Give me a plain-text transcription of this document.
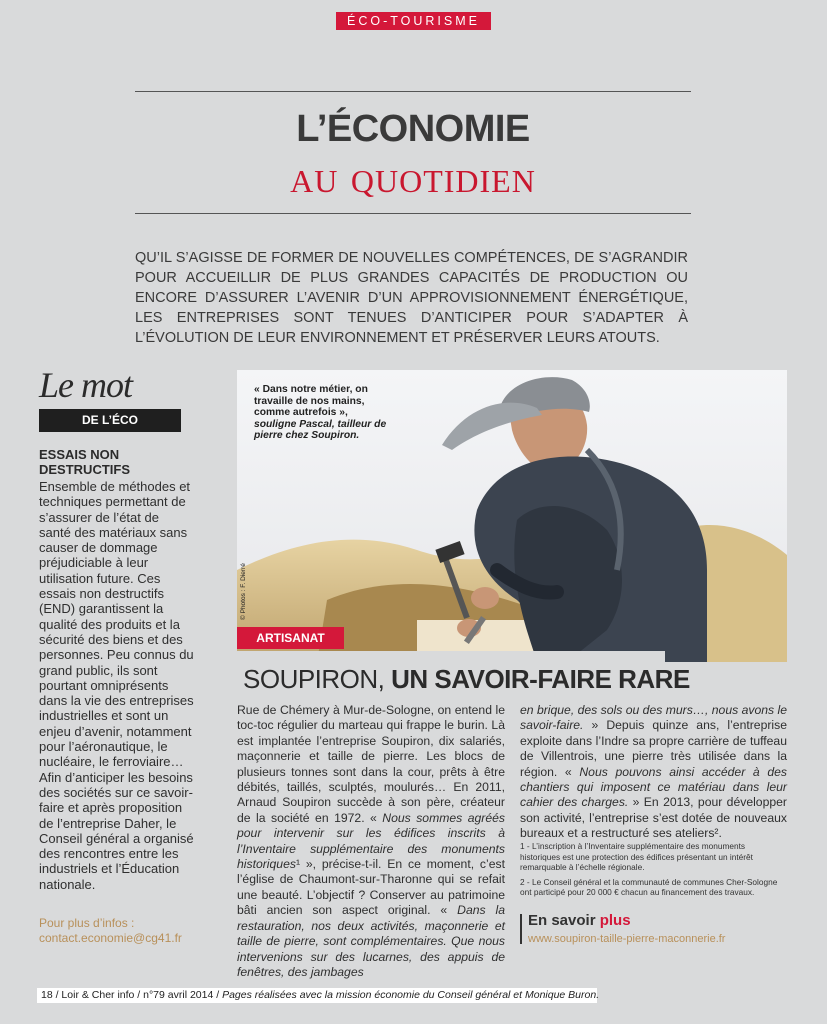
ÉCO-TOURISME
L’ÉCONOMIE
au quotidien
QU’IL S’AGISSE DE FORMER DE NOUVELLES COMPÉTENCES, DE S’AGRANDIR POUR ACCUEILLIR DE PLUS GRANDES CAPACITÉS DE PRODUCTION OU ENCORE D’ASSURER L’AVENIR D’UN APPROVISIONNEMENT ÉNERGÉTIQUE, LES ENTREPRISES SONT TENUES D’ANTICIPER POUR S’ADAPTER À L’ÉVOLUTION DE LEUR ENVIRONNEMENT ET PRÉSERVER LEURS ATOUTS.
Le mot
DE L’ÉCO
ESSAIS NON DESTRUCTIFS
Ensemble de méthodes et techniques permettant de s’assurer de l’état de santé des matériaux sans causer de dommage préjudiciable à leur utilisation future. Ces essais non destructifs (END) garantissent la qualité des produits et la sécurité des biens et des personnes. Peu connus du grand public, ils sont pourtant omniprésents dans la vie des entreprises industrielles et sont un enjeu d’avenir, notamment pour l’aéronautique, le nucléaire, le ferroviaire… Afin d’anticiper les besoins des sociétés sur ce savoir-faire et après proposition de l’entreprise Daher, le Conseil général a organisé des rencontres entre les industriels et l’Éducation nationale.
Pour plus d’infos :
contact.economie@cg41.fr
« Dans notre métier, on travaille de nos mains, comme autrefois »,
souligne Pascal, tailleur de pierre chez Soupiron.
© Photos : F. Dierré
ARTISANAT
SOUPIRON, UN SAVOIR-FAIRE RARE
Rue de Chémery à Mur-de-Sologne, on entend le toc-toc régulier du marteau qui frappe le burin. Là est implantée l’entreprise Soupiron, dix salariés, maçonnerie et taille de pierre. Les blocs de plusieurs tonnes sont dans la cour, prêts à être débités, taillés, sculptés, moulurés… En 2011, Arnaud Soupiron succède à son père, créateur de la société en 1972. « Nous sommes agréés pour intervenir sur les édifices inscrits à l’Inventaire supplémentaire des monuments historiques¹ », précise-t-il. En ce moment, c’est l’église de Chaumont-sur-Tharonne qui se refait une beauté. L’objectif ? Conserver au patrimoine bâti ancien son aspect original. « Dans la restauration, nos deux activités, maçonnerie et taille de pierre, sont complémentaires. Que nous intervenions sur des lucarnes, des appuis de fenêtres, des jambages
en brique, des sols ou des murs…, nous avons le savoir-faire. » Depuis quinze ans, l’entreprise exploite dans l’Indre sa propre carrière de tuffeau de Villentrois, une pierre très utilisée dans la région. « Nous pouvons ainsi accéder à des chantiers qui imposent ce matériau dans leur cahier des charges. » En 2013, pour développer son activité, l’entreprise s’est dotée de nouveaux bureaux et a restructuré ses ateliers².
1 - L’inscription à l’Inventaire supplémentaire des monuments historiques est une protection des édifices présentant un intérêt remarquable à l’échelle régionale.
2 - Le Conseil général et la communauté de communes Cher-Sologne ont participé pour 20 000 € chacun au financement des travaux.
En savoir plus
www.soupiron-taille-pierre-maconnerie.fr
18 / Loir & Cher info / n°79 avril 2014 / Pages réalisées avec la mission économie du Conseil général et Monique Buron.
